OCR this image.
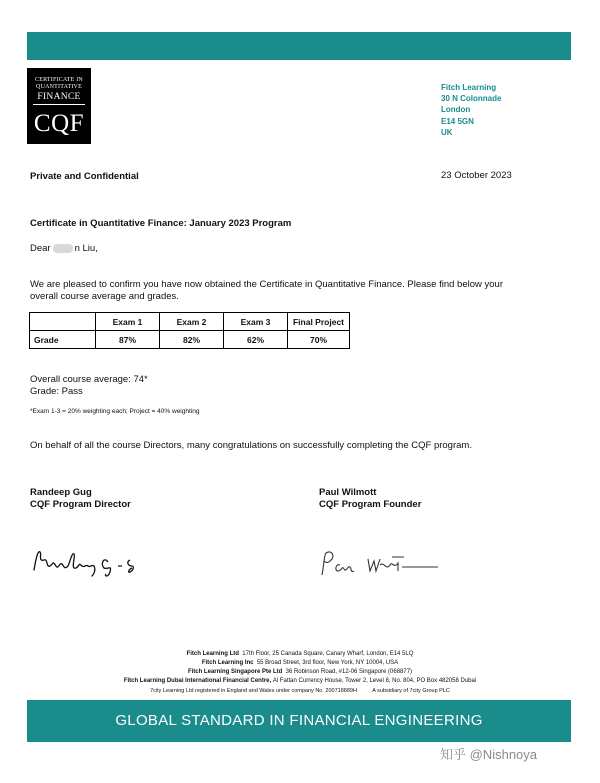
CERTIFICATE IN
QUANTITATIVE
FINANCE
CQF
Fitch Learning
30 N Colonnade
London
E14 5GN
UK
Private and Confidential	23 October 2023
Certificate in Quantitative Finance: January 2023 Program
Dear	n Liu,
We are pleased to confirm you have now obtained the Certificate in Quantitative Finance. Please find below your
overall course average and grades.
	Exam 1	Exam 2	Exam 3	Final Project
Grade	87%	82%	62%	70%
Overall course average: 74*
Grade: Pass
*Exam 1-3 = 20% weighting each; Project = 40% weighting
On behalf of all the course Directors, many congratulations on successfully completing the CQF program.
Randeep Gug
CQF Program Director
Paul Wilmott
CQF Program Founder
Fitch Learning Ltd 17th Floor, 25 Canada Square, Canary Wharf, London, E14 5LQ
Fitch Learning Inc 55 Broad Street, 3rd floor, New York, NY 10004, USA
Fitch Learning Singapore Pte Ltd 36 Robinson Road, #12-06 Singapore (068877)
Fitch Learning Dubai International Financial Centre, Al Fattan Currency House, Tower 2, Level 8, No. 804, PO Box 482058 Dubai
7city Learning Ltd registered in England and Wales under company No. 200718889H	A subsidiary of 7city Group PLC
GLOBAL STANDARD IN FINANCIAL ENGINEERING
知乎 @Nishnoya
